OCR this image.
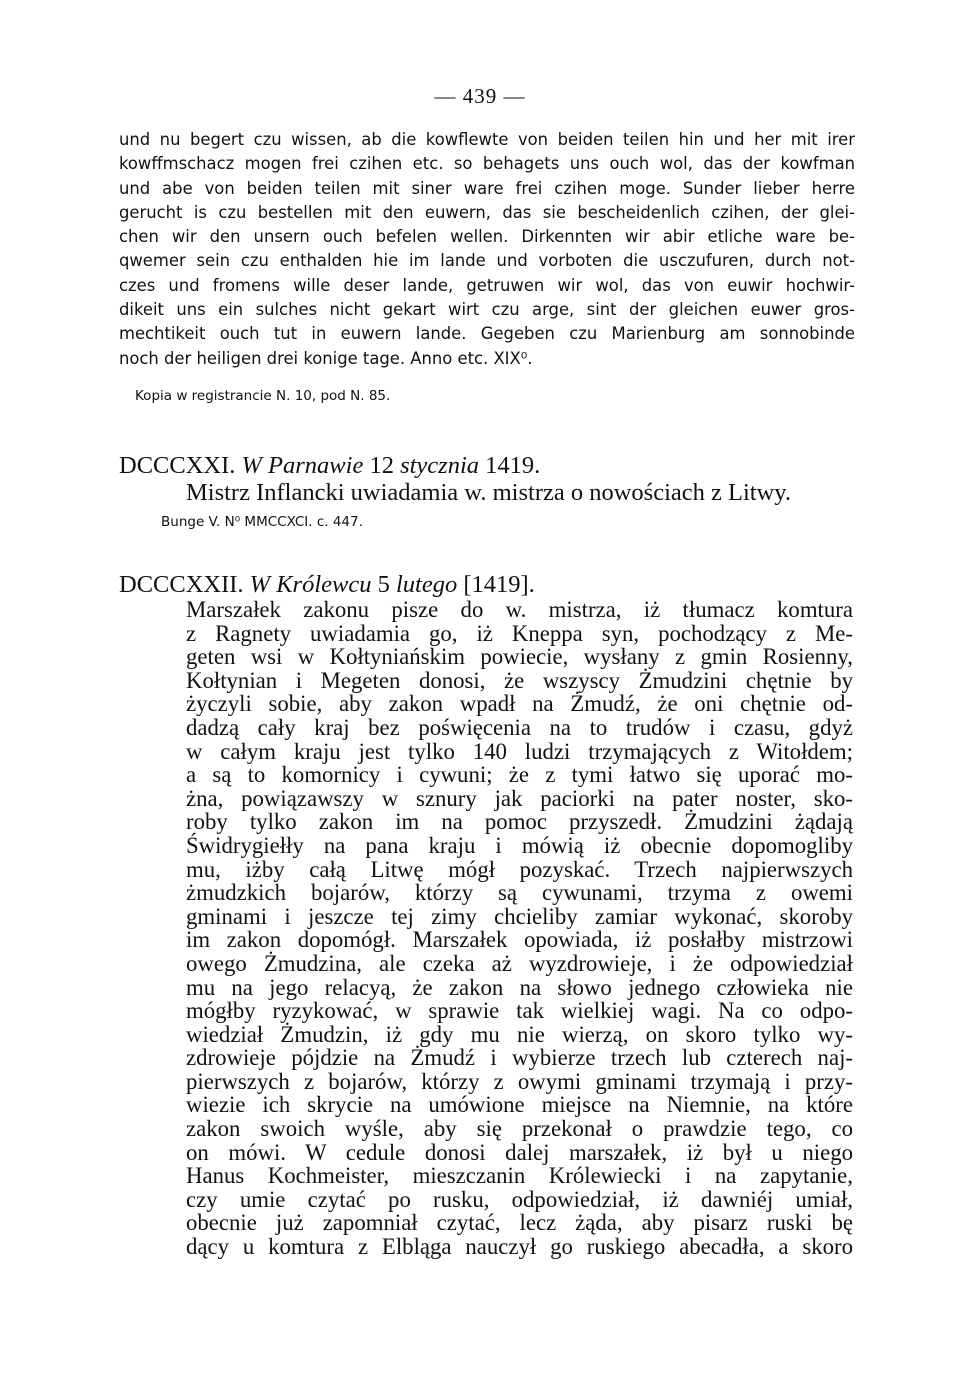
— 439 —
und nu begert czu wissen, ab die kowflewte von beiden teilen hin und her mit irer
kowffmschacz mogen frei czihen etc. so behagets uns ouch wol, das der kowfman
und abe von beiden teilen mit siner ware frei czihen moge. Sunder lieber herre
gerucht is czu bestellen mit den euwern, das sie bescheidenlich czihen, der glei-
chen wir den unsern ouch befelen wellen. Dirkennten wir abir etliche ware be-
qwemer sein czu enthalden hie im lande und vorboten die usczufuren, durch not-
czes und fromens wille deser lande, getruwen wir wol, das von euwir hochwir-
dikeit uns ein sulches nicht gekart wirt czu arge, sint der gleichen euwer gros-
mechtikeit ouch tut in euwern lande. Gegeben czu Marienburg am sonnobinde
noch der heiligen drei konige tage. Anno etc. XIX⁰.
Kopia w registrancie N. 10, pod N. 85.
DCCCXXI. W Parnawie 12 stycznia 1419.
Mistrz Inflancki uwiadamia w. mistrza o nowościach z Litwy.
Bunge V. N⁰ MMCCXCI. c. 447.
DCCCXXII. W Królewcu 5 lutego [1419].
Marszałek zakonu pisze do w. mistrza, iż tłumacz komtura
z Ragnety uwiadamia go, iż Kneppa syn, pochodzący z Me-
geten wsi w Kołtyniańskim powiecie, wysłany z gmin Rosienny,
Kołtynian i Megeten donosi, że wszyscy Żmudzini chętnie by
życzyli sobie, aby zakon wpadł na Żmudź, że oni chętnie od-
dadzą cały kraj bez poświęcenia na to trudów i czasu, gdyż
w całym kraju jest tylko 140 ludzi trzymających z Witołdem;
a są to komornicy i cywuni; że z tymi łatwo się uporać mo-
żna, powiązawszy w sznury jak paciorki na pater noster, sko-
roby tylko zakon im na pomoc przyszedł. Żmudzini żądają
Świdrygiełły na pana kraju i mówią iż obecnie dopomogliby
mu, iżby całą Litwę mógł pozyskać. Trzech najpierwszych
żmudzkich bojarów, którzy są cywunami, trzyma z owemi
gminami i jeszcze tej zimy chcieliby zamiar wykonać, skoroby
im zakon dopomógł. Marszałek opowiada, iż posłałby mistrzowi
owego Żmudzina, ale czeka aż wyzdrowieje, i że odpowiedział
mu na jego relacyą, że zakon na słowo jednego człowieka nie
mógłby ryzykować, w sprawie tak wielkiej wagi. Na co odpo-
wiedział Żmudzin, iż gdy mu nie wierzą, on skoro tylko wy-
zdrowieje pójdzie na Żmudź i wybierze trzech lub czterech naj-
pierwszych z bojarów, którzy z owymi gminami trzymają i przy-
wiezie ich skrycie na umówione miejsce na Niemnie, na które
zakon swoich wyśle, aby się przekonał o prawdzie tego, co
on mówi. W cedule donosi dalej marszałek, iż był u niego
Hanus Kochmeister, mieszczanin Królewiecki i na zapytanie,
czy umie czytać po rusku, odpowiedział, iż dawniéj umiał,
obecnie już zapomniał czytać, lecz żąda, aby pisarz ruski bę
dący u komtura z Elbląga nauczył go ruskiego abecadła, a skoro
